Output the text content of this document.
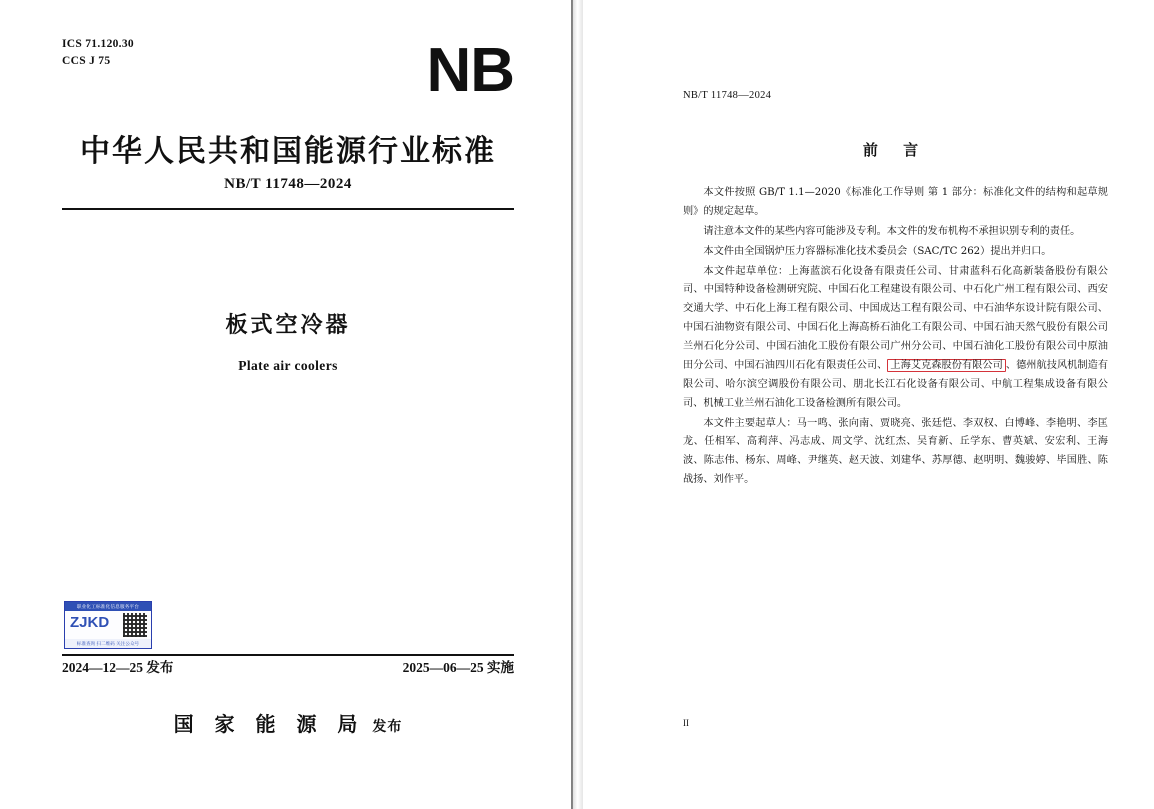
ICS 71.120.30
CCS J 75	NB
中华人民共和国能源行业标准
NB/T 11748—2024
板式空冷器
Plate air coolers
职业化工标准化信息服务平台
ZJKD
标准查询 扫二维码 关注公众号
2024—12—25 发布	2025—06—25 实施
国 家 能 源 局 发布
NB/T 11748—2024
前 言

本文件按照 GB/T 1.1—2020《标准化工作导则 第 1 部分：标准化文件的结构和起草规则》的规定起草。

请注意本文件的某些内容可能涉及专利。本文件的发布机构不承担识别专利的责任。

本文件由全国锅炉压力容器标准化技术委员会（SAC/TC 262）提出并归口。

本文件起草单位：上海蓝滨石化设备有限责任公司、甘肃蓝科石化高新装备股份有限公司、中国特种设备检测研究院、中国石化工程建设有限公司、中石化广州工程有限公司、西安交通大学、中石化上海工程有限公司、中国成达工程有限公司、中石油华东设计院有限公司、中国石油物资有限公司、中国石化上海高桥石油化工有限公司、中国石油天然气股份有限公司兰州石化分公司、中国石油化工股份有限公司广州分公司、中国石油化工股份有限公司中原油田分公司、中国石油四川石化有限责任公司、 上海艾克森股份有限公司 、德州航技风机制造有限公司、哈尔滨空调股份有限公司、朋北长江石化设备有限公司、中航工程集成设备有限公司、机械工业兰州石油化工设备检测所有限公司。

本文件主要起草人：马一鸣、张向南、贾晓亮、张廷恺、李双权、白博峰、李艳明、李匡龙、任相军、高莉萍、冯志成、周文学、沈红杰、吴育新、丘学东、曹英斌、安宏利、王海波、陈志伟、杨东、周峰、尹继英、赵天波、刘建华、苏厚德、赵明明、魏骏婷、毕国胜、陈战扬、刘作平。

II
